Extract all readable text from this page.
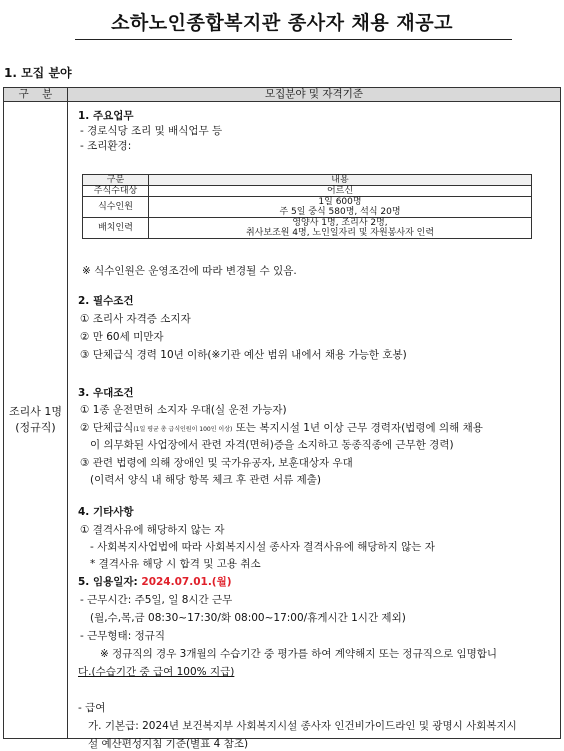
소하노인종합복지관 종사자 채용 재공고
1. 모집 분야
구    분	모집분야 및 자격기준

조리사 1명
(정규직)

1. 주요업무
- 경로식당 조리 및 배식업무 등
- 조리환경:
구분	내용
주식수대상	어르신
식수인원	1일 600명
주 5일 중식 580명, 석식 20명

배치인력	영양사 1명, 조리사 2명,
취사보조원 4명, 노인일자리 및 자원봉사자 인력
※ 식수인원은 운영조건에 따라 변경될 수 있음.
2. 필수조건
① 조리사 자격증 소지자
② 만 60세 미만자
③ 단체급식 경력 10년 이하(※기관 예산 범위 내에서 채용 가능한 호봉)
3. 우대조건
① 1종 운전면허 소지자 우대(실 운전 가능자)
② 단체급식(1일 평균 총 급식인원이 100인 이상) 또는 복지시설 1년 이상 근무 경력자(법령에 의해 채용
이 의무화된 사업장에서 관련 자격(면허)증을 소지하고 동종직종에 근무한 경력)
③ 관련 법령에 의해 장애인 및 국가유공자, 보훈대상자 우대
(이력서 양식 내 해당 항목 체크 후 관련 서류 제출)
4. 기타사항
① 결격사유에 해당하지 않는 자
- 사회복지사업법에 따라 사회복지시설 종사자 결격사유에 해당하지 않는 자
* 결격사유 해당 시 합격 및 고용 취소
5. 임용일자: 2024.07.01.(월)
- 근무시간: 주5일, 일 8시간 근무
(월,수,목,금 08:30~17:30/화 08:00~17:00/휴게시간 1시간 제외)
- 근무형태: 정규직
※ 정규직의 경우 3개월의 수습기간 중 평가를 하여 계약해지 또는 정규직으로 임명합니
다.(수습기간 중 급여 100% 지급)
- 급여
가. 기본급: 2024년 보건복지부 사회복지시설 종사자 인건비가이드라인 및 광명시 사회복지시
설 예산편성지침 기준(별표 4 참조)
